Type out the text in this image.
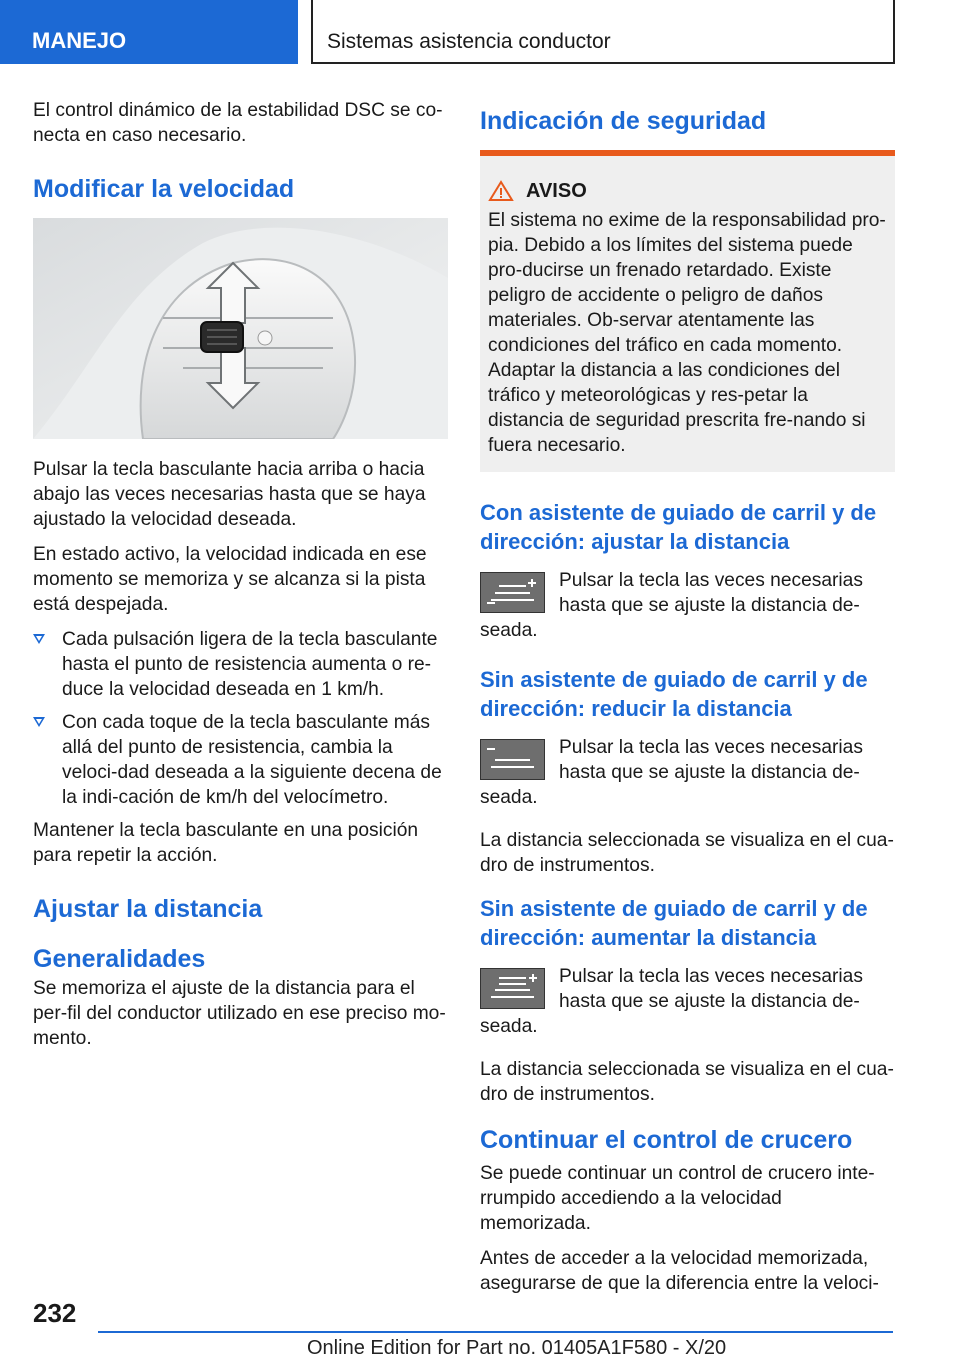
MANEJO	Sistemas asistencia conductor

El control dinámico de la estabilidad DSC se co-necta en caso necesario.

Modificar la velocidad

Pulsar la tecla basculante hacia arriba o hacia abajo las veces necesarias hasta que se haya ajustado la velocidad deseada.

En estado activo, la velocidad indicada en ese momento se memoriza y se alcanza si la pista está despejada.

Cada pulsación ligera de la tecla basculante hasta el punto de resistencia aumenta o re-duce la velocidad deseada en 1 km/h.
Con cada toque de la tecla basculante más allá del punto de resistencia, cambia la veloci-dad deseada a la siguiente decena de la indi-cación de km/h del velocímetro.

Mantener la tecla basculante en una posición para repetir la acción.

Ajustar la distancia
Generalidades

Se memoriza el ajuste de la distancia para el per-fil del conductor utilizado en ese preciso mo-mento.

Indicación de seguridad
AVISO

El sistema no exime de la responsabilidad pro-pia. Debido a los límites del sistema puede pro-ducirse un frenado retardado. Existe peligro de accidente o peligro de daños materiales. Ob-servar atentamente las condiciones del tráfico en cada momento. Adaptar la distancia a las condiciones del tráfico y meteorológicas y res-petar la distancia de seguridad prescrita fre-nando si fuera necesario.

Con asistente de guiado de carril y de dirección: ajustar la distancia

Pulsar la tecla las veces necesarias hasta que se ajuste la distancia de-seada.

Sin asistente de guiado de carril y de dirección: reducir la distancia

Pulsar la tecla las veces necesarias hasta que se ajuste la distancia de-seada.

La distancia seleccionada se visualiza en el cua-dro de instrumentos.

Sin asistente de guiado de carril y de dirección: aumentar la distancia

Pulsar la tecla las veces necesarias hasta que se ajuste la distancia de-seada.

La distancia seleccionada se visualiza en el cua-dro de instrumentos.

Continuar el control de crucero

Se puede continuar un control de crucero inte-rrumpido accediendo a la velocidad memorizada.

Antes de acceder a la velocidad memorizada, asegurarse de que la diferencia entre la veloci-

232
Online Edition for Part no. 01405A1F580 - X/20
